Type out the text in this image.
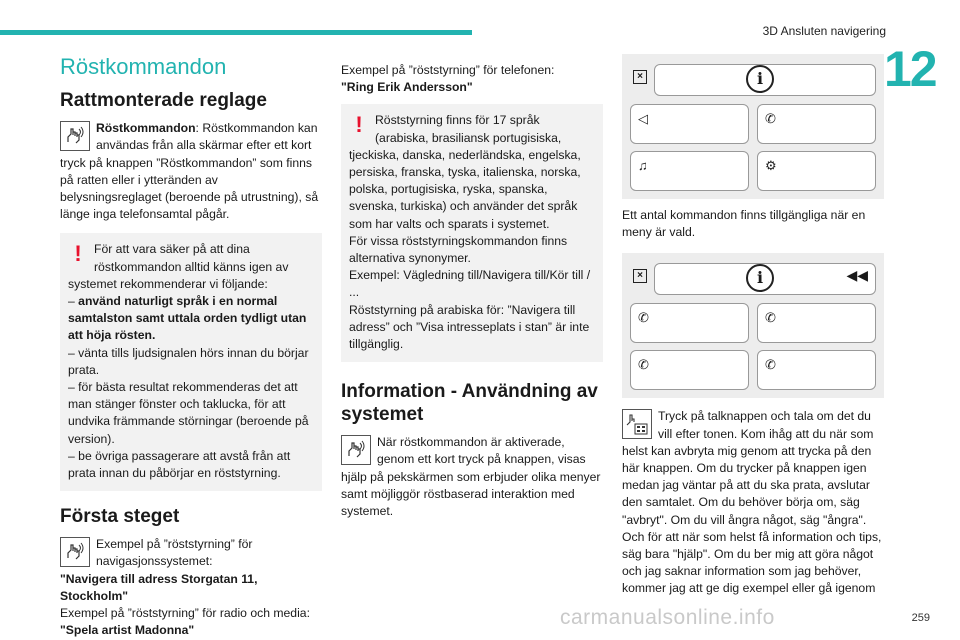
3D Ansluten navigering
12
259
carmanualsonline.info
Röstkommandon
Rattmonterade reglage

Röstkommandon: Röstkommandon kan användas från alla skärmar efter ett kort tryck på knappen ”Röstkommandon” som finns på ratten eller i ytteränden av belysningsreglaget (beroende på utrustning), så länge inga telefonsamtal pågår.

!	För att vara säker på att dina röstkommandon alltid känns igen av systemet rekommenderar vi följande:

– använd naturligt språk i en normal samtalston samt uttala orden tydligt utan att höja rösten.

– vänta tills ljudsignalen hörs innan du börjar prata.

– för bästa resultat rekommenderas det att man stänger fönster och taklucka, för att undvika främmande störningar (beroende på version).

– be övriga passagerare att avstå från att prata innan du påbörjar en röststyrning.

Första steget

Exempel på ”röststyrning” för navigasjonssystemet:

"Navigera till adress Storgatan 11, Stockholm"

Exempel på ”röststyrning” för radio och media:

"Spela artist Madonna"

Exempel på ”röststyrning” för telefonen:

"Ring Erik Andersson"

!	Röststyrning finns för 17 språk (arabiska, brasiliansk portugisiska, tjeckiska, danska, nederländska, engelska, persiska, franska, tyska, italienska, norska, polska, portugisiska, ryska, spanska, svenska, turkiska) och använder det språk som har valts och sparats i systemet.

För vissa röststyrningskommandon finns alternativa synonymer.

Exempel: Vägledning till/Navigera till/Kör till / ...

Röststyrning på arabiska för: ”Navigera till adress” och ”Visa intresseplats i stan” är inte tillgänglig.

Information - Användning av systemet

När röstkommandon är aktiverade, genom ett kort tryck på knappen, visas hjälp på pekskärmen som erbjuder olika menyer samt möjliggör röstbaserad interaktion med systemet.

×	i
◁	✆
♫	⚙

Ett antal kommandon finns tillgängliga när en meny är vald.

×	i	◀◀
✆	✆
✆	✆

Tryck på talknappen och tala om det du vill efter tonen. Kom ihåg att du när som helst kan avbryta mig genom att trycka på den här knappen. Om du trycker på knappen igen medan jag väntar på att du ska prata, avslutar den samtalet. Om du behöver börja om, säg "avbryt". Om du vill ångra något, säg "ångra". Och för att när som helst få information och tips, säg bara "hjälp". Om du ber mig att göra något och jag saknar information som jag behöver, kommer jag att ge dig exempel eller gå igenom
